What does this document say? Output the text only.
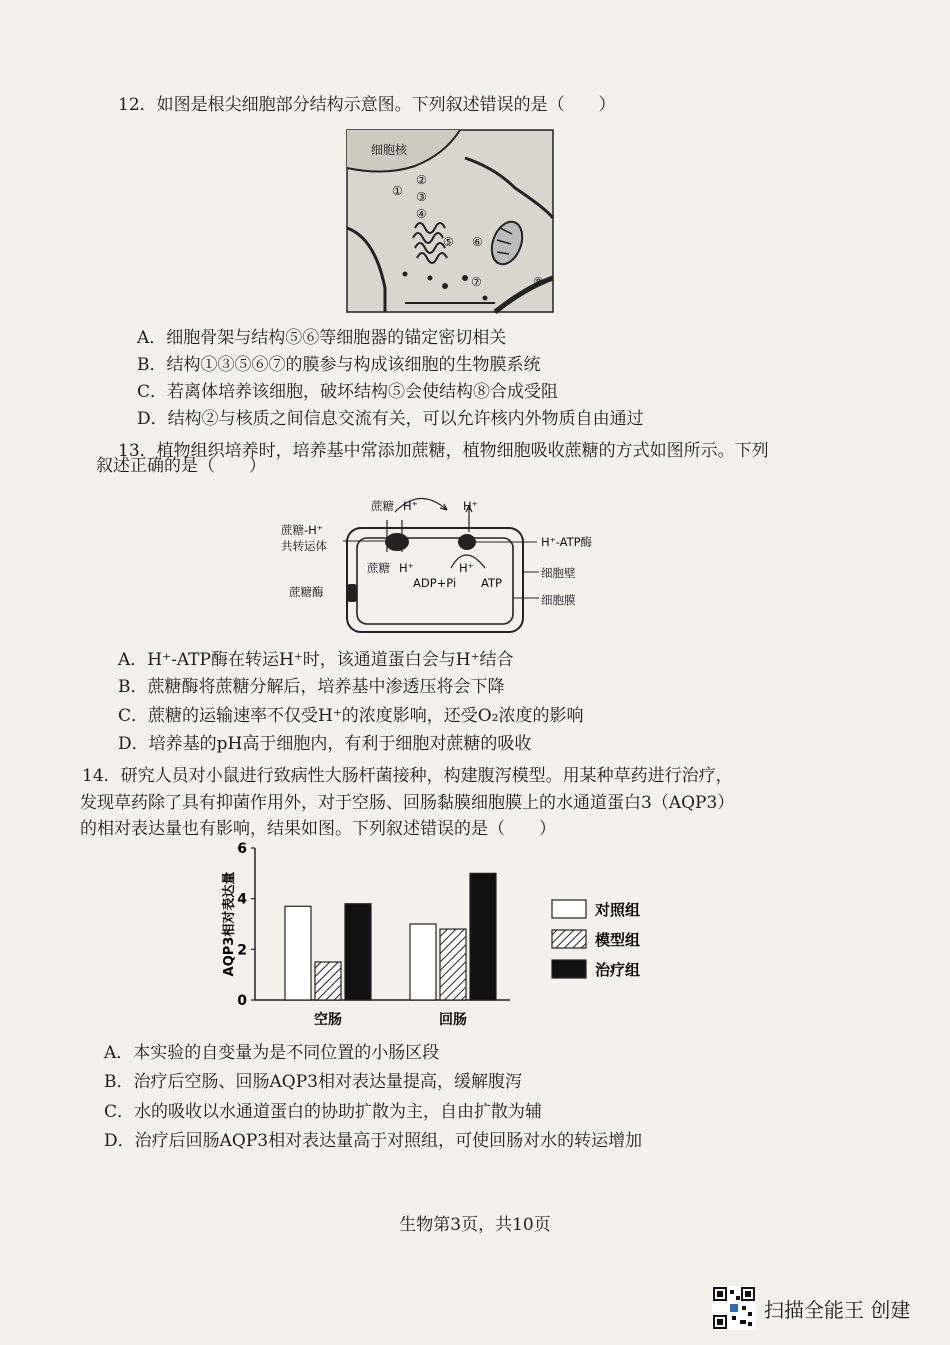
12．如图是根尖细胞部分结构示意图。下列叙述错误的是（　　）
细胞核
①
②
③
④
⑤ ⑥
⑦	⑧
A．细胞骨架与结构⑤⑥等细胞器的锚定密切相关
B．结构①③⑤⑥⑦的膜参与构成该细胞的生物膜系统
C．若离体培养该细胞，破坏结构⑤会使结构⑧合成受阻
D．结构②与核质之间信息交流有关，可以允许核内外物质自由通过
13．植物组织培养时，培养基中常添加蔗糖，植物细胞吸收蔗糖的方式如图所示。下列
叙述正确的是（　　）
蔗糖 H⁺	H⁺
蔗糖-H⁺
共转运体	H⁺-ATP酶
蔗糖 H⁺	H⁺
ADP+Pi ATP
细胞壁
蔗糖酶
细胞膜
A．H⁺-ATP酶在转运H⁺时，该通道蛋白会与H⁺结合
B．蔗糖酶将蔗糖分解后，培养基中渗透压将会下降
C．蔗糖的运输速率不仅受H⁺的浓度影响，还受O₂浓度的影响
D．培养基的pH高于细胞内，有利于细胞对蔗糖的吸收
14．研究人员对小鼠进行致病性大肠杆菌接种，构建腹泻模型。用某种草药进行治疗，
发现草药除了具有抑菌作用外，对于空肠、回肠黏膜细胞膜上的水通道蛋白3（AQP3）
的相对表达量也有影响，结果如图。下列叙述错误的是（　　）
0
2
4
6
AQP3相对表达量
空肠	回肠
对照组
模型组
治疗组
A．本实验的自变量为是不同位置的小肠区段
B．治疗后空肠、回肠AQP3相对表达量提高，缓解腹泻
C．水的吸收以水通道蛋白的协助扩散为主，自由扩散为辅
D．治疗后回肠AQP3相对表达量高于对照组，可使回肠对水的转运增加
生物第3页，共10页
扫描全能王 创建
